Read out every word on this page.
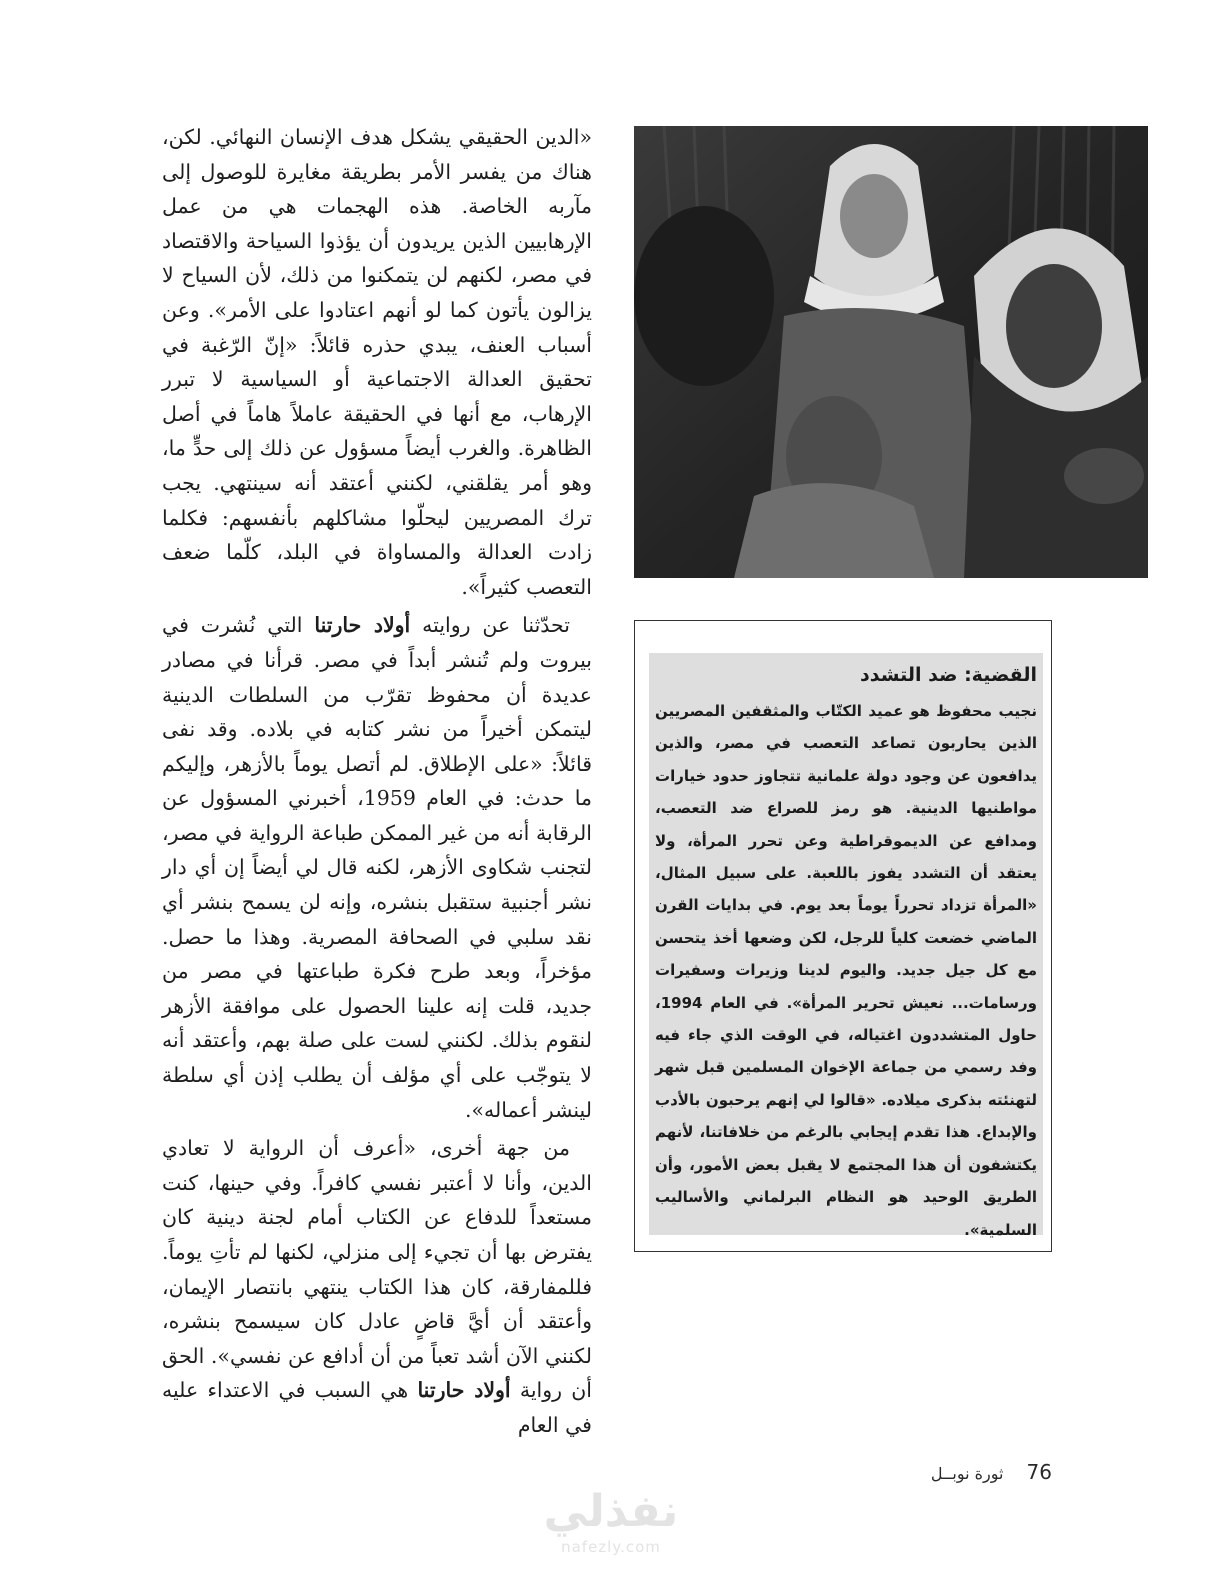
«الدين الحقيقي يشكل هدف الإنسان النهائي. لكن، هناك من يفسر الأمر بطريقة مغايرة للوصول إلى مآربه الخاصة. هذه الهجمات هي من عمل الإرهابيين الذين يريدون أن يؤذوا السياحة والاقتصاد في مصر، لكنهم لن يتمكنوا من ذلك، لأن السياح لا يزالون يأتون كما لو أنهم اعتادوا على الأمر». وعن أسباب العنف، يبدي حذره قائلاً: «إنّ الرّغبة في تحقيق العدالة الاجتماعية أو السياسية لا تبرر الإرهاب، مع أنها في الحقيقة عاملاً هاماً في أصل الظاهرة. والغرب أيضاً مسؤول عن ذلك إلى حدٍّ ما، وهو أمر يقلقني، لكنني أعتقد أنه سينتهي. يجب ترك المصريين ليحلّوا مشاكلهم بأنفسهم: فكلما زادت العدالة والمساواة في البلد، كلّما ضعف التعصب كثيراً».

تحدّثنا عن روايته أولاد حارتنا التي نُشرت في بيروت ولم تُنشر أبداً في مصر. قرأنا في مصادر عديدة أن محفوظ تقرّب من السلطات الدينية ليتمكن أخيراً من نشر كتابه في بلاده. وقد نفى قائلاً: «على الإطلاق. لم أتصل يوماً بالأزهر، وإليكم ما حدث: في العام 1959، أخبرني المسؤول عن الرقابة أنه من غير الممكن طباعة الرواية في مصر، لتجنب شكاوى الأزهر، لكنه قال لي أيضاً إن أي دار نشر أجنبية ستقبل بنشره، وإنه لن يسمح بنشر أي نقد سلبي في الصحافة المصرية. وهذا ما حصل. مؤخراً، وبعد طرح فكرة طباعتها في مصر من جديد، قلت إنه علينا الحصول على موافقة الأزهر لنقوم بذلك. لكنني لست على صلة بهم، وأعتقد أنه لا يتوجّب على أي مؤلف أن يطلب إذن أي سلطة لينشر أعماله».

من جهة أخرى، «أعرف أن الرواية لا تعادي الدين، وأنا لا أعتبر نفسي كافراً. وفي حينها، كنت مستعداً للدفاع عن الكتاب أمام لجنة دينية كان يفترض بها أن تجيء إلى منزلي، لكنها لم تأتِ يوماً. فللمفارقة، كان هذا الكتاب ينتهي بانتصار الإيمان، وأعتقد أن أيَّ قاضٍ عادل كان سيسمح بنشره، لكنني الآن أشد تعباً من أن أدافع عن نفسي». الحق أن رواية أولاد حارتنا هي السبب في الاعتداء عليه في العام

القضية: ضد التشدد

نجيب محفوظ هو عميد الكتّاب والمثقفين المصريين الذين يحاربون تصاعد التعصب في مصر، والذين يدافعون عن وجود دولة علمانية تتجاوز حدود خيارات مواطنيها الدينية. هو رمز للصراع ضد التعصب، ومدافع عن الديموقراطية وعن تحرر المرأة، ولا يعتقد أن التشدد يفوز باللعبة. على سبيل المثال، «المرأة تزداد تحرراً يوماً بعد يوم. في بدايات القرن الماضي خضعت كلياً للرجل، لكن وضعها أخذ يتحسن مع كل جيل جديد. واليوم لدينا وزيرات وسفيرات ورسامات... نعيش تحرير المرأة». في العام 1994، حاول المتشددون اغتياله، في الوقت الذي جاء فيه وفد رسمي من جماعة الإخوان المسلمين قبل شهر لتهنئته بذكرى ميلاده. «قالوا لي إنهم يرحبون بالأدب والإبداع. هذا تقدم إيجابي بالرغم من خلافاتنا، لأنهم يكتشفون أن هذا المجتمع لا يقبل بعض الأمور، وأن الطريق الوحيد هو النظام البرلماني والأساليب السلمية».

76 ثورة نوبــل
نفذلي
nafezly.com
